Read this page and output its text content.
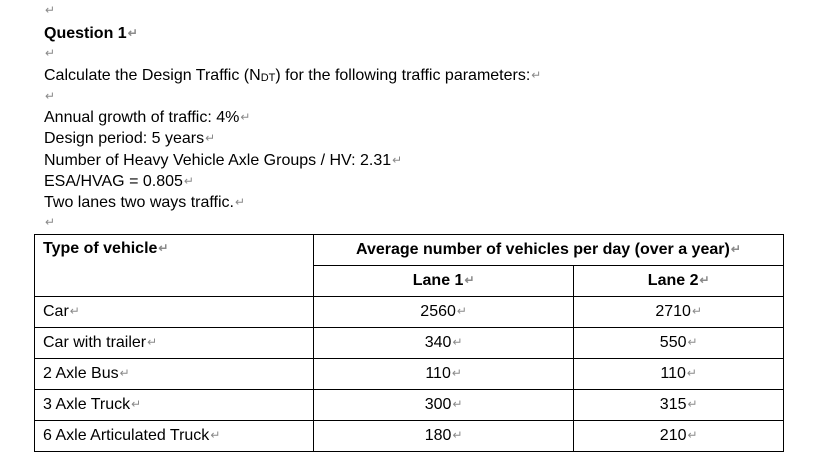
↵
Question 1↵
↵
Calculate the Design Traffic (NDT) for the following traffic parameters:↵
↵
Annual growth of traffic: 4%↵
Design period: 5 years↵
Number of Heavy Vehicle Axle Groups / HV: 2.31↵
ESA/HVAG = 0.805↵
Two lanes two ways traffic.↵
↵
Type of vehicle↵	Average number of vehicles per day (over a year)↵	
	Lane 1↵	Lane 2↵
Car↵	2560↵	2710↵
Car with trailer↵	340↵	550↵
2 Axle Bus↵	110↵	110↵
3 Axle Truck↵	300↵	315↵
6 Axle Articulated Truck↵	180↵	210↵
